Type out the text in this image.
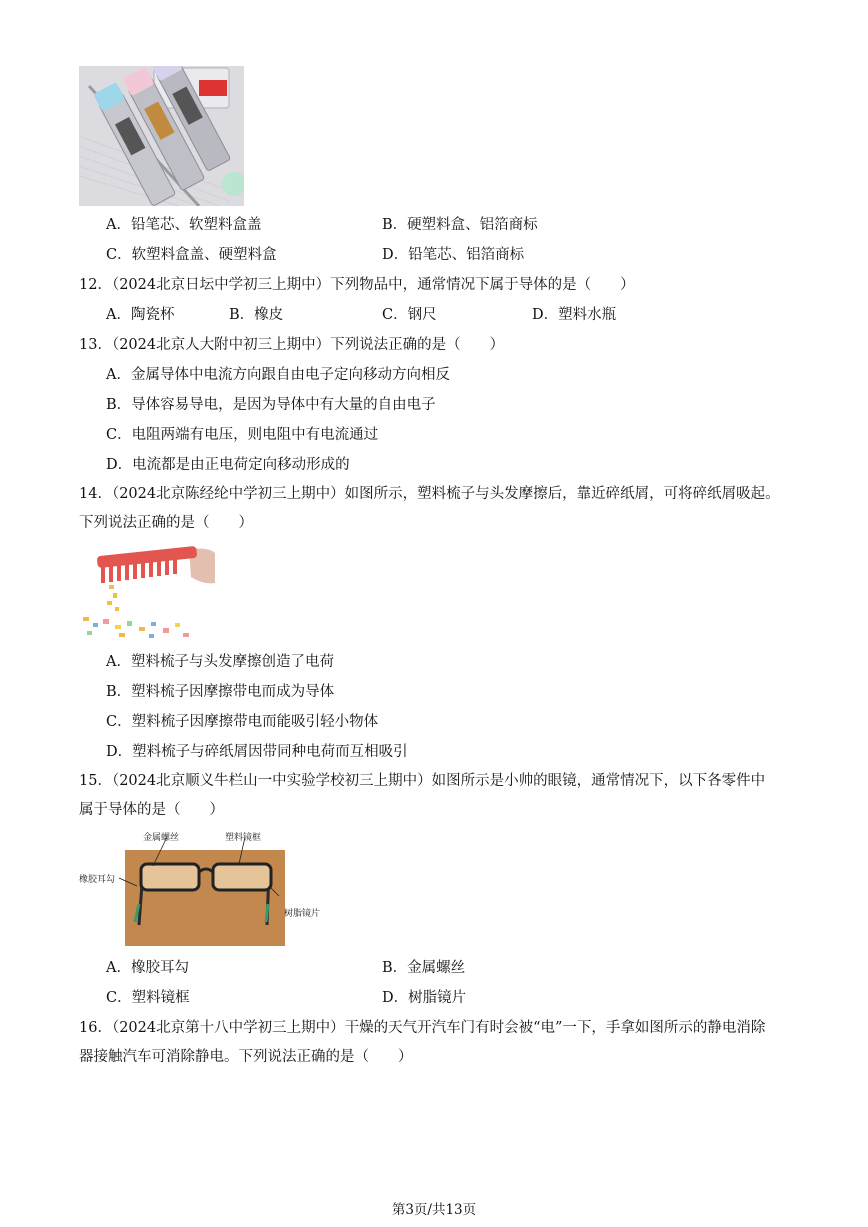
A．铅笔芯、软塑料盒盖	B．硬塑料盒、铝箔商标
C．软塑料盒盖、硬塑料盒	D．铅笔芯、铝箔商标
12．（2024北京日坛中学初三上期中）下列物品中，通常情况下属于导体的是（　　）
A．陶瓷杯	B．橡皮	C．钢尺	D．塑料水瓶
13．（2024北京人大附中初三上期中）下列说法正确的是（　　）
A．金属导体中电流方向跟自由电子定向移动方向相反
B．导体容易导电，是因为导体中有大量的自由电子
C．电阻两端有电压，则电阻中有电流通过
D．电流都是由正电荷定向移动形成的
14．（2024北京陈经纶中学初三上期中）如图所示，塑料梳子与头发摩擦后，靠近碎纸屑，可将碎纸屑吸起。
下列说法正确的是（　　）
A．塑料梳子与头发摩擦创造了电荷
B．塑料梳子因摩擦带电而成为导体
C．塑料梳子因摩擦带电而能吸引轻小物体
D．塑料梳子与碎纸屑因带同种电荷而互相吸引
15．（2024北京顺义牛栏山一中实验学校初三上期中）如图所示是小帅的眼镜，通常情况下，以下各零件中
属于导体的是（　　）
金属螺丝	塑料镜框
橡胶耳勾
树脂镜片
A．橡胶耳勾	B．金属螺丝
C．塑料镜框	D．树脂镜片
16．（2024北京第十八中学初三上期中）干燥的天气开汽车门有时会被“电”一下，手拿如图所示的静电消除
器接触汽车可消除静电。下列说法正确的是（　　）
第3页/共13页
